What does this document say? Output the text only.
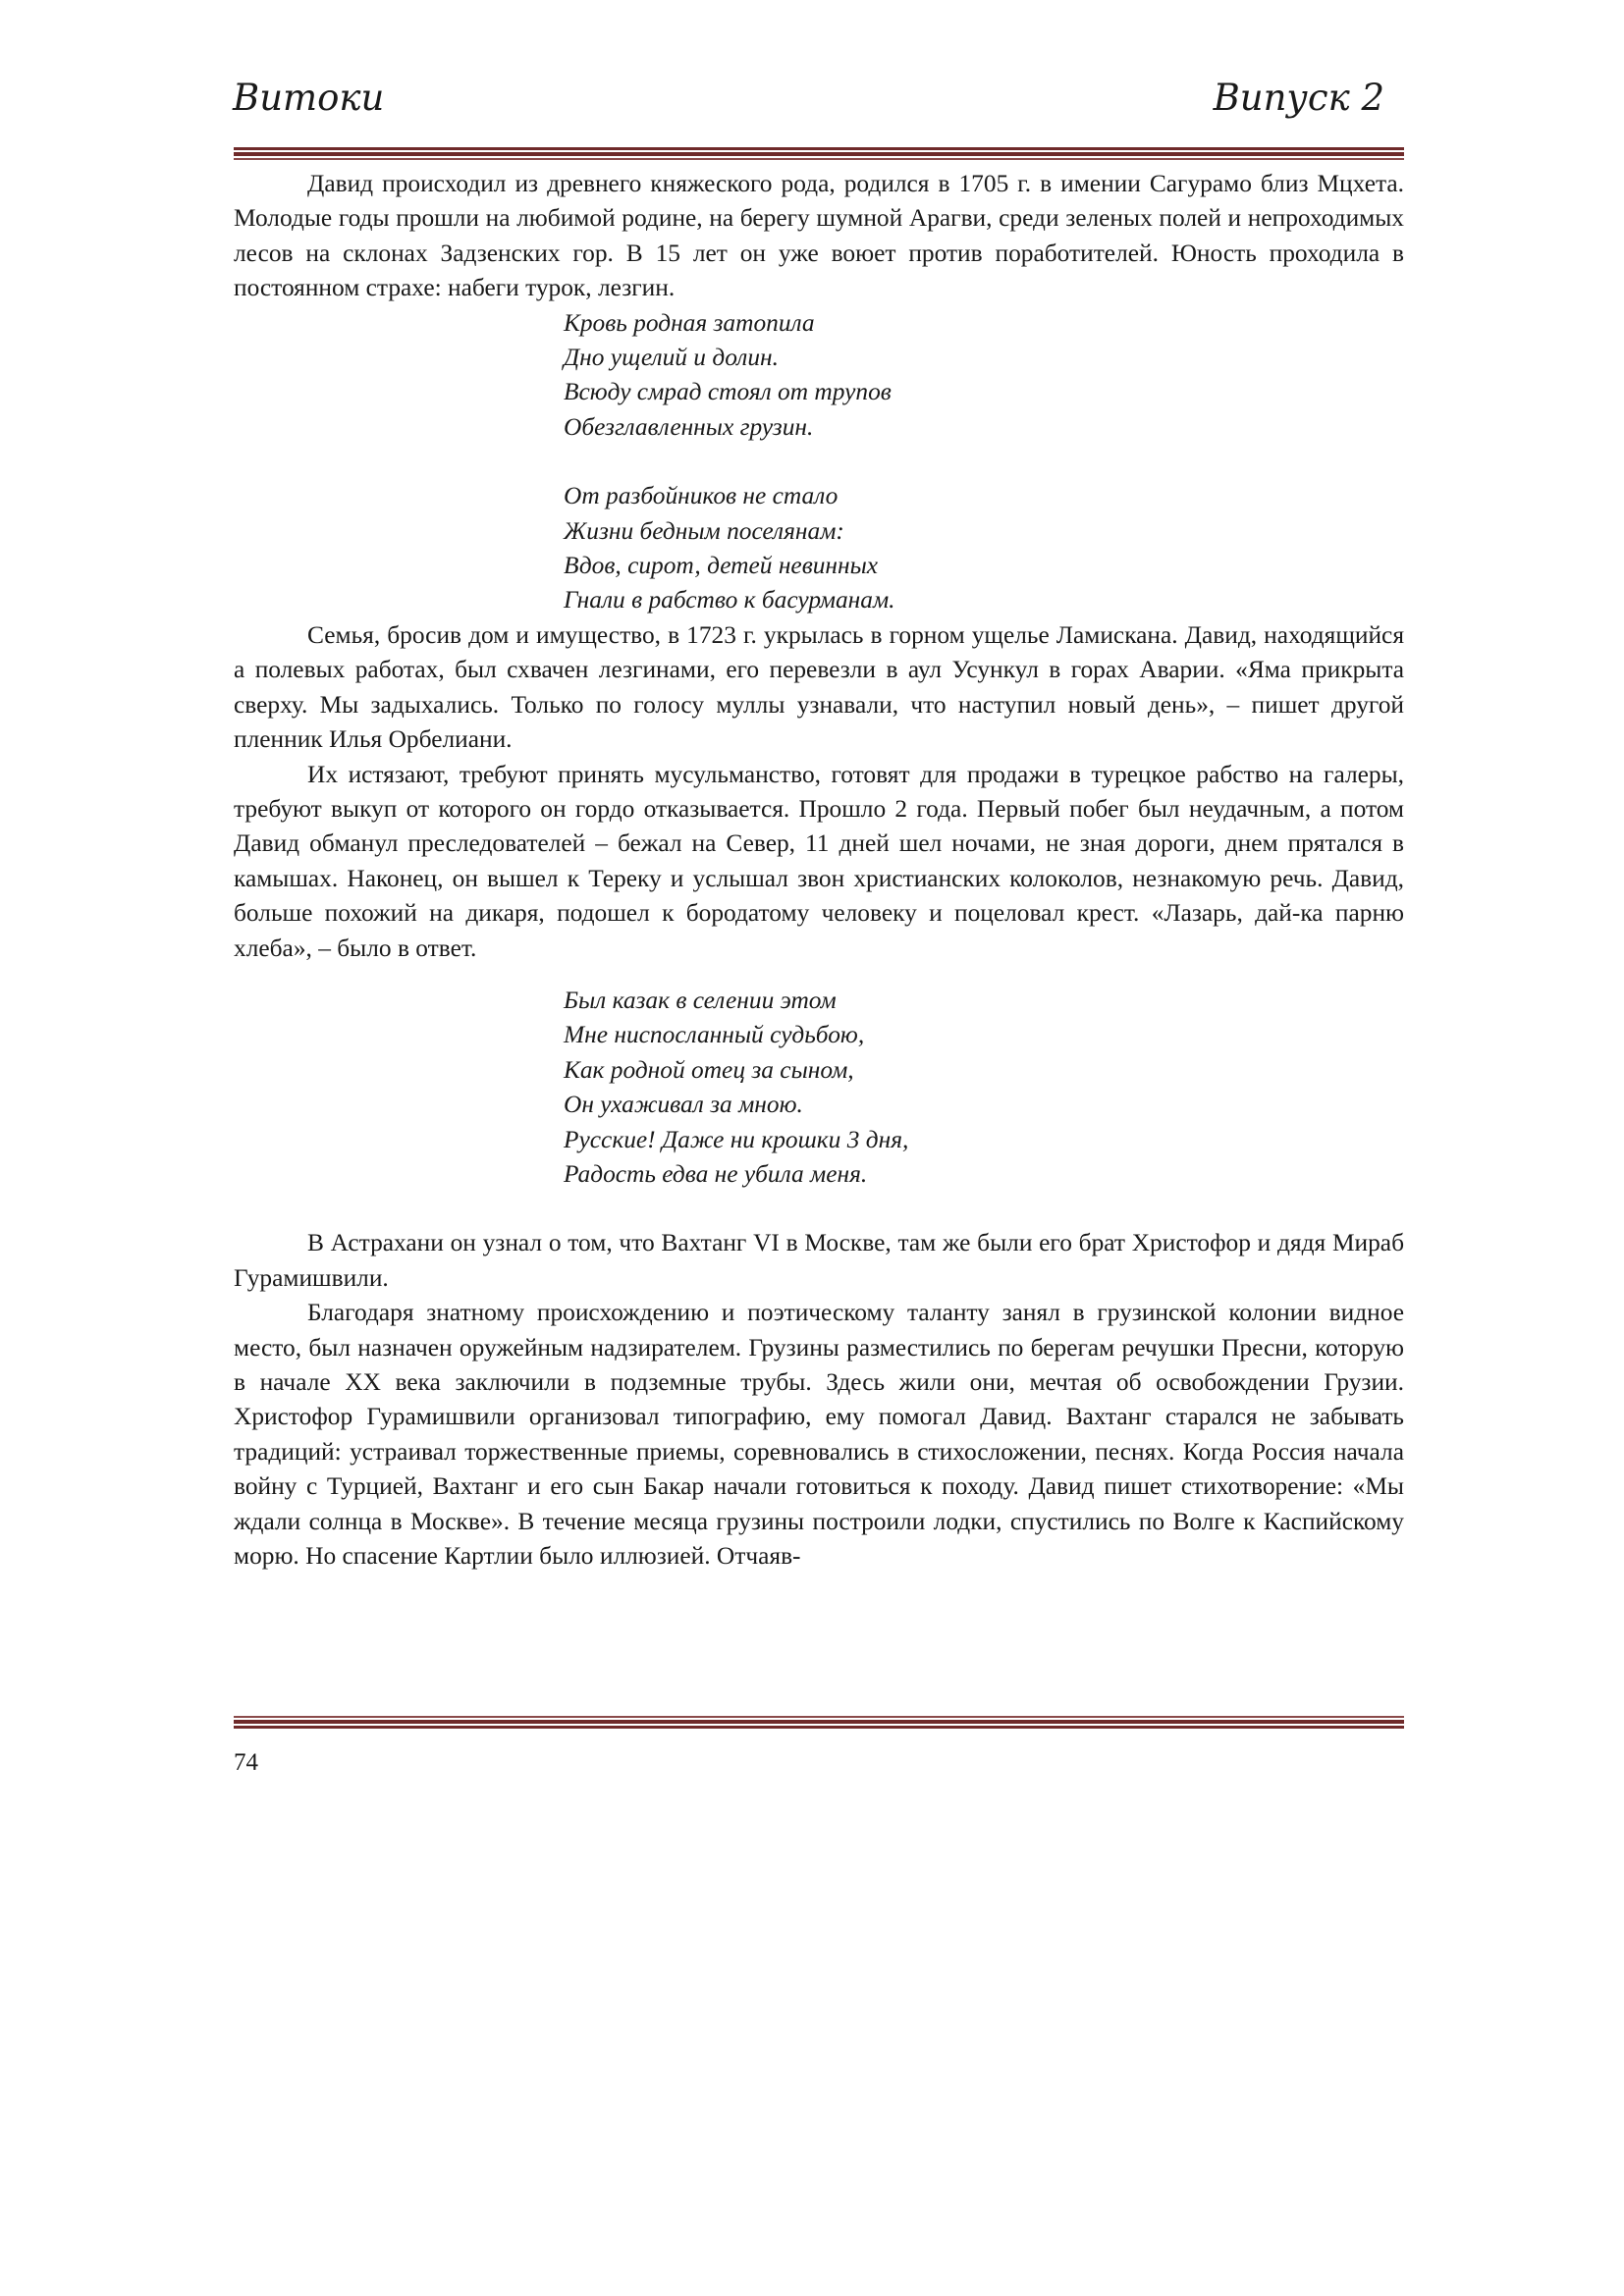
Витоки	Випуск 2

Давид происходил из древнего княжеского рода, родился в 1705 г. в имении Сагурамо близ Мцхета. Молодые годы прошли на любимой родине, на берегу шумной Арагви, среди зеленых полей и непроходимых лесов на склонах Задзенских гор. В 15 лет он уже воюет против поработителей. Юность проходила в постоянном страхе: набеги турок, лезгин.

Кровь родная затопила
Дно ущелий и долин.
Всюду смрад стоял от трупов
Обезглавленных грузин.
От разбойников не стало
Жизни бедным поселянам:
Вдов, сирот, детей невинных
Гнали в рабство к басурманам.

Семья, бросив дом и имущество, в 1723 г. укрылась в горном ущелье Ламискана. Давид, находящийся а полевых работах, был схвачен лезгинами, его перевезли в аул Усункул в горах Аварии. «Яма прикрыта сверху. Мы задыхались. Только по голосу муллы узнавали, что наступил новый день», – пишет другой пленник Илья Орбелиани.

Их истязают, требуют принять мусульманство, готовят для продажи в турецкое рабство на галеры, требуют выкуп от которого он гордо отказывается. Прошло 2 года. Первый побег был неудачным, а потом Давид обманул преследователей – бежал на Север, 11 дней шел ночами, не зная дороги, днем прятался в камышах. Наконец, он вышел к Тереку и услышал звон христианских колоколов, незнакомую речь. Давид, больше похожий на дикаря, подошел к бородатому человеку и поцеловал крест. «Лазарь, дай-ка парню хлеба», – было в ответ.

Был казак в селении этом
Мне ниспосланный судьбою,
Как родной отец за сыном,
Он ухаживал за мною.
Русские! Даже ни крошки 3 дня,
Радость едва не убила меня.

В Астрахани он узнал о том, что Вахтанг VI в Москве, там же были его брат Христофор и дядя Мираб Гурамишвили.

Благодаря знатному происхождению и поэтическому таланту занял в грузинской колонии видное место, был назначен оружейным надзирателем. Грузины разместились по берегам речушки Пресни, которую в начале XX века заключили в подземные трубы. Здесь жили они, мечтая об освобождении Грузии. Христофор Гурамишвили организовал типографию, ему помогал Давид. Вахтанг старался не забывать традиций: устраивал торжественные приемы, соревновались в стихосложении, песнях. Когда Россия начала войну с Турцией, Вахтанг и его сын Бакар начали готовиться к походу. Давид пишет стихотворение: «Мы ждали солнца в Москве». В течение месяца грузины построили лодки, спустились по Волге к Каспийскому морю. Но спасение Картлии было иллюзией. Отчаяв-

74
